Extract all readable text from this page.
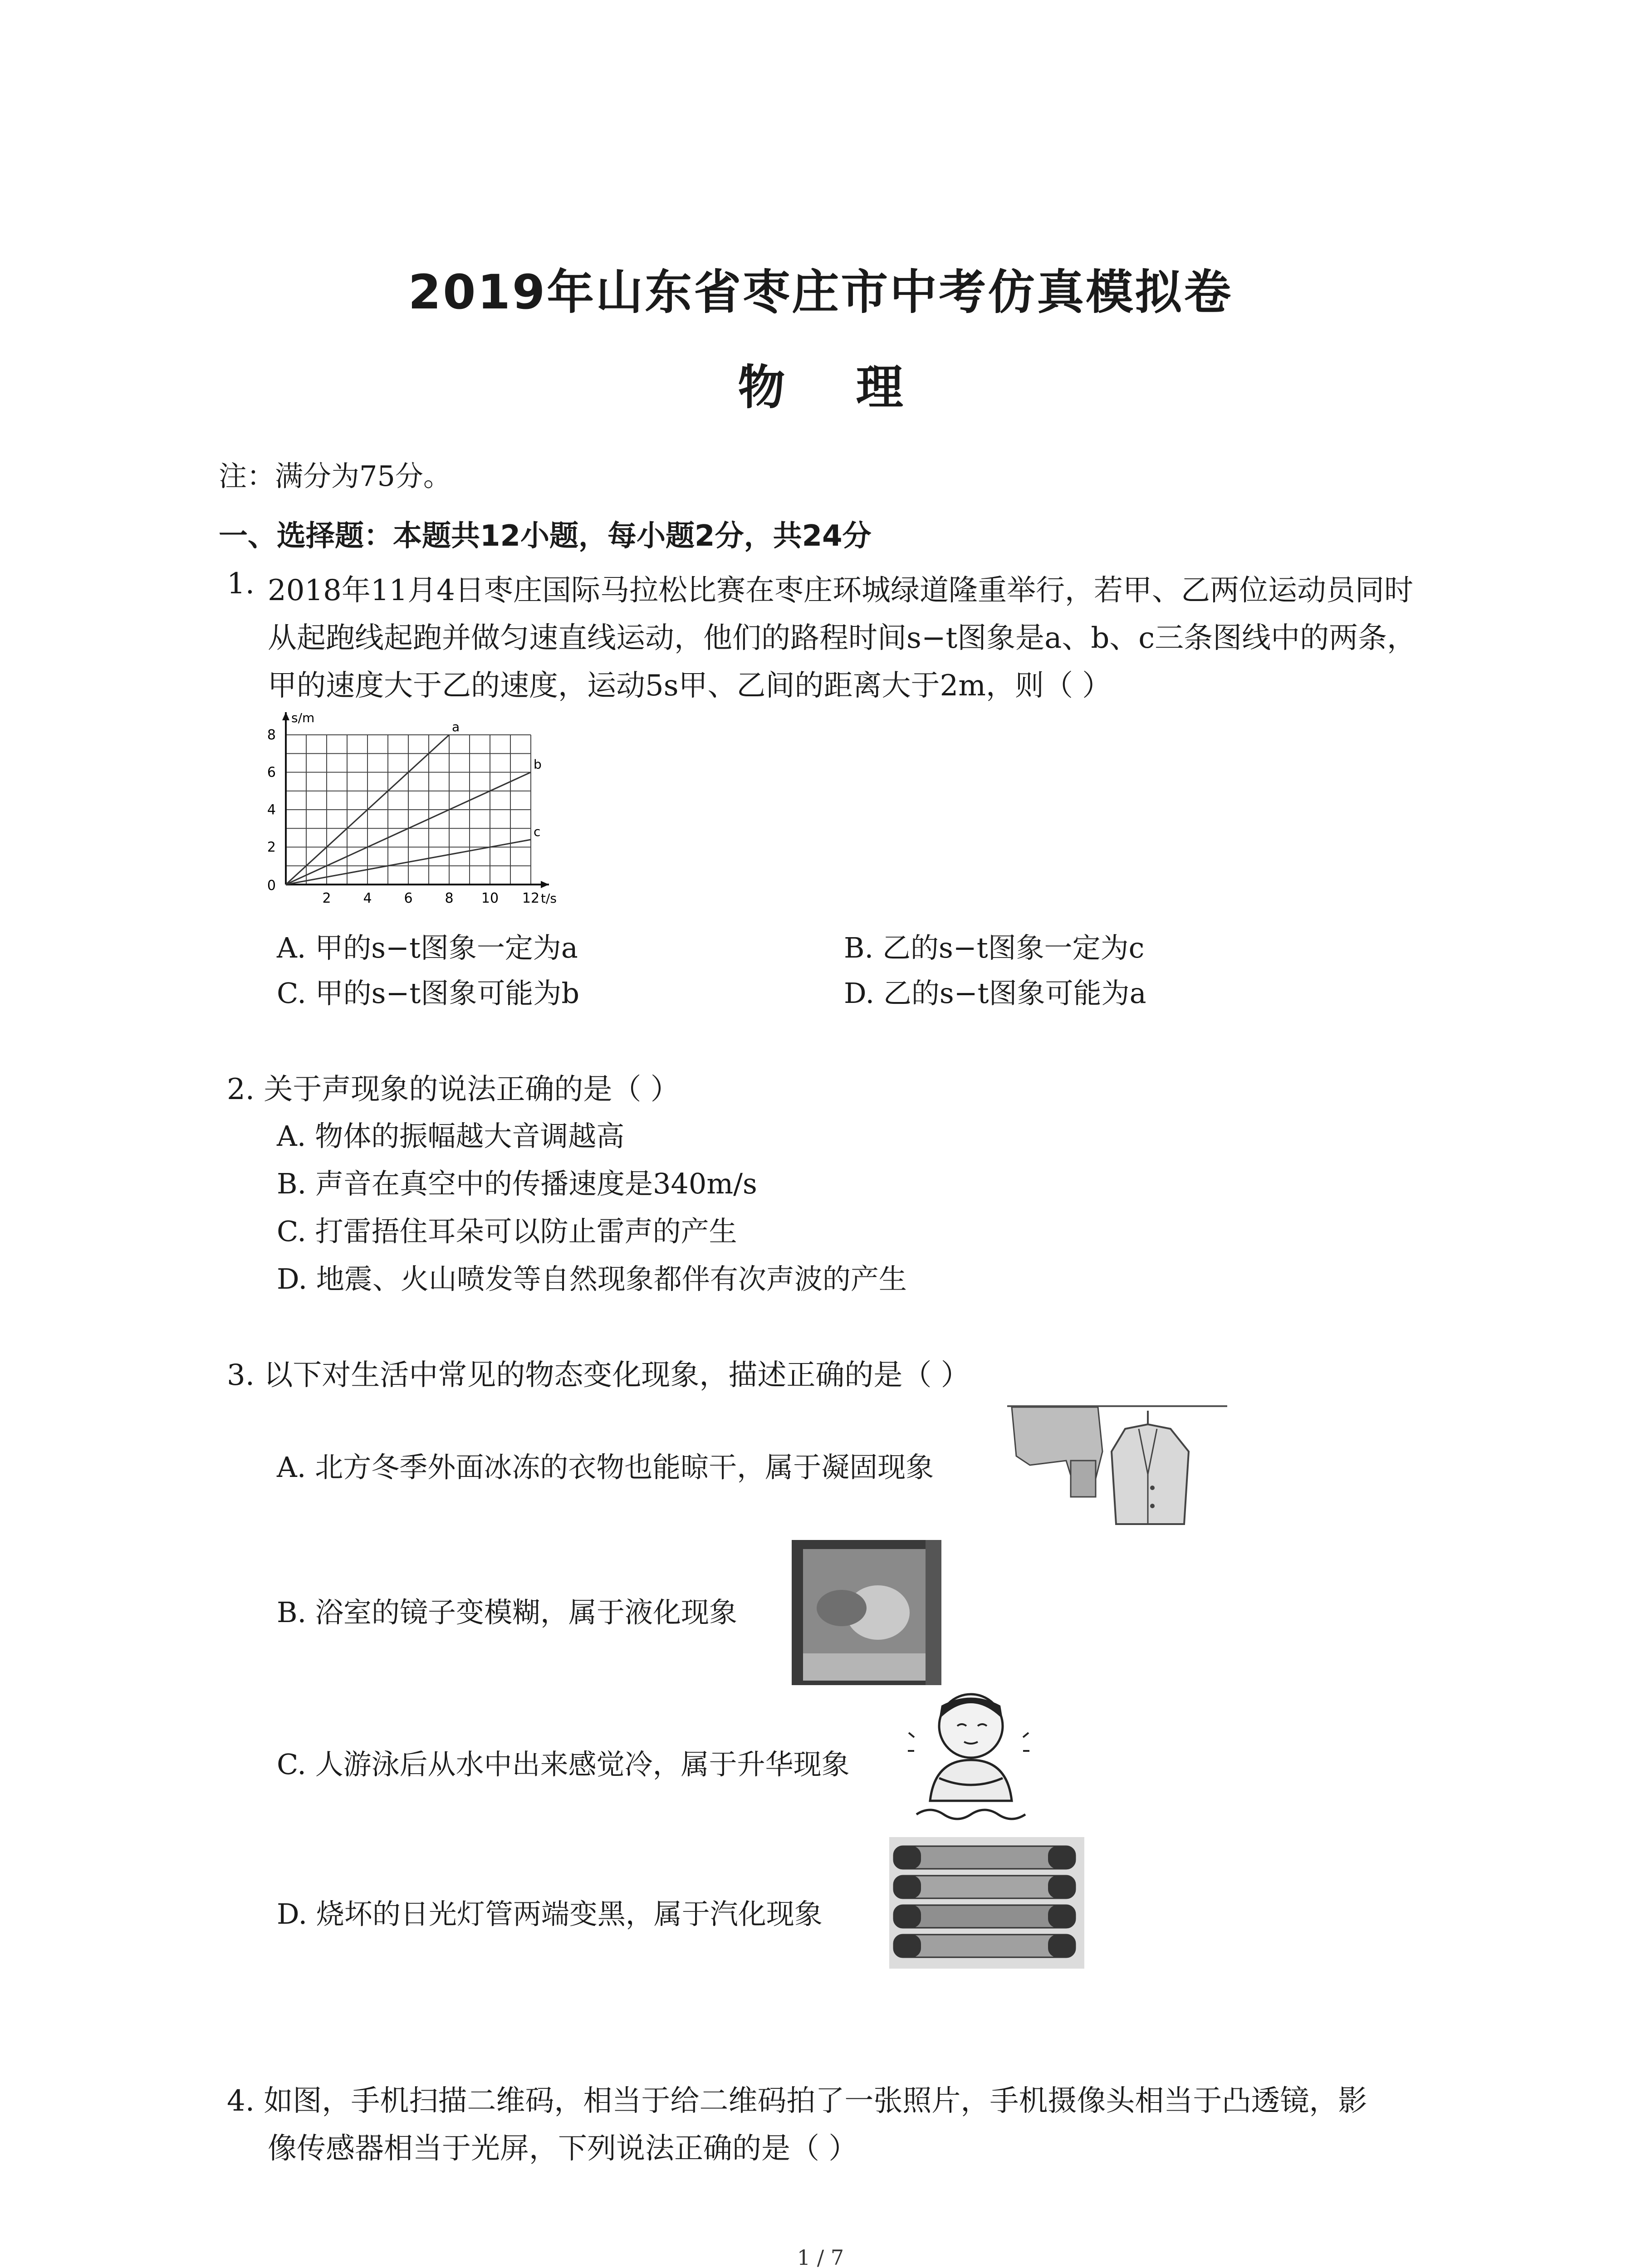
2019年山东省枣庄市中考仿真模拟卷
物 理
注：满分为75分。
一、选择题：本题共12小题，每小题2分，共24分
1. 2018年11月4日枣庄国际马拉松比赛在枣庄环城绿道隆重举行，若甲、乙两位运动员同时
从起跑线起跑并做匀速直线运动，他们的路程时间s−t图象是a、b、c三条图线中的两条，
甲的速度大于乙的速度，运动5s甲、乙间的距离大于2m，则（ ）
2 4 6 8 10 12
2
4
6
8
0
s/m
t/s
a
b
c
A. 甲的s−t图象一定为a	B. 乙的s−t图象一定为c
C. 甲的s−t图象可能为b	D. 乙的s−t图象可能为a
2. 关于声现象的说法正确的是（ ）
A. 物体的振幅越大音调越高
B. 声音在真空中的传播速度是340m/s
C. 打雷捂住耳朵可以防止雷声的产生
D. 地震、火山喷发等自然现象都伴有次声波的产生
3. 以下对生活中常见的物态变化现象，描述正确的是（ ）
A. 北方冬季外面冰冻的衣物也能晾干，属于凝固现象
B. 浴室的镜子变模糊，属于液化现象
C. 人游泳后从水中出来感觉冷，属于升华现象
D. 烧坏的日光灯管两端变黑，属于汽化现象
4. 如图，手机扫描二维码，相当于给二维码拍了一张照片，手机摄像头相当于凸透镜，影
像传感器相当于光屏，下列说法正确的是（ ）
1 / 7
